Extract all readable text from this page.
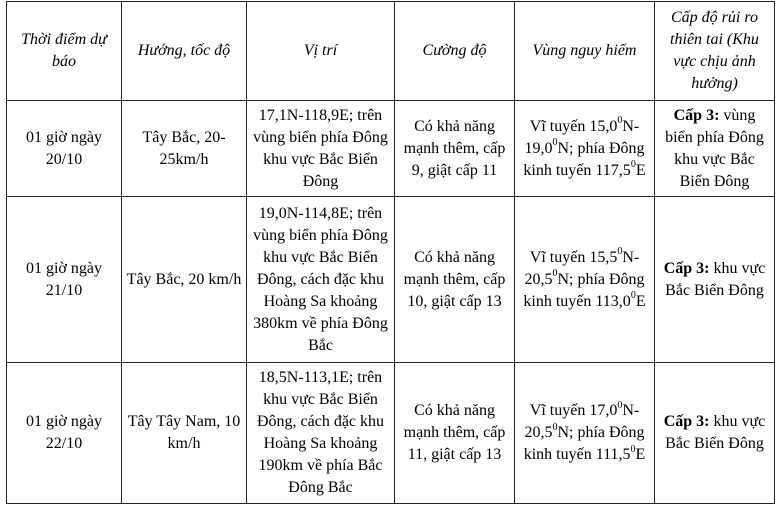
Thời điểm dự báo	Hướng, tốc độ	Vị trí	Cường độ	Vùng nguy hiểm	Cấp độ rủi ro thiên tai (Khu vực chịu ảnh hưởng)
01 giờ ngày 20/10	Tây Bắc, 20-25km/h	17,1N-118,9E; trên vùng biển phía Đông khu vực Bắc Biển Đông	Có khả năng mạnh thêm, cấp 9, giật cấp 11	Vĩ tuyến 15,0$^0$N-19,0$^0$N; phía Đông kinh tuyến 117,5$^0$E	Cấp 3: vùng biển phía Đông khu vực Bắc Biển Đông
01 giờ ngày 21/10	Tây Bắc, 20 km/h	19,0N-114,8E; trên vùng biển phía Đông khu vực Bắc Biển Đông, cách đặc khu Hoàng Sa khoảng 380km về phía Đông Bắc	Có khả năng mạnh thêm, cấp 10, giật cấp 13	Vĩ tuyến 15,5$^0$N-20,5$^0$N; phía Đông kinh tuyến 113,0$^0$E	Cấp 3: khu vực Bắc Biển Đông
01 giờ ngày 22/10	Tây Tây Nam, 10 km/h	18,5N-113,1E; trên khu vực Bắc Biển Đông, cách đặc khu Hoàng Sa khoảng 190km về phía Bắc Đông Bắc	Có khả năng mạnh thêm, cấp 11, giật cấp 13	Vĩ tuyến 17,0$^0$N-20,5$^0$N; phía Đông kinh tuyến 111,5$^0$E	Cấp 3: khu vực Bắc Biển Đông
